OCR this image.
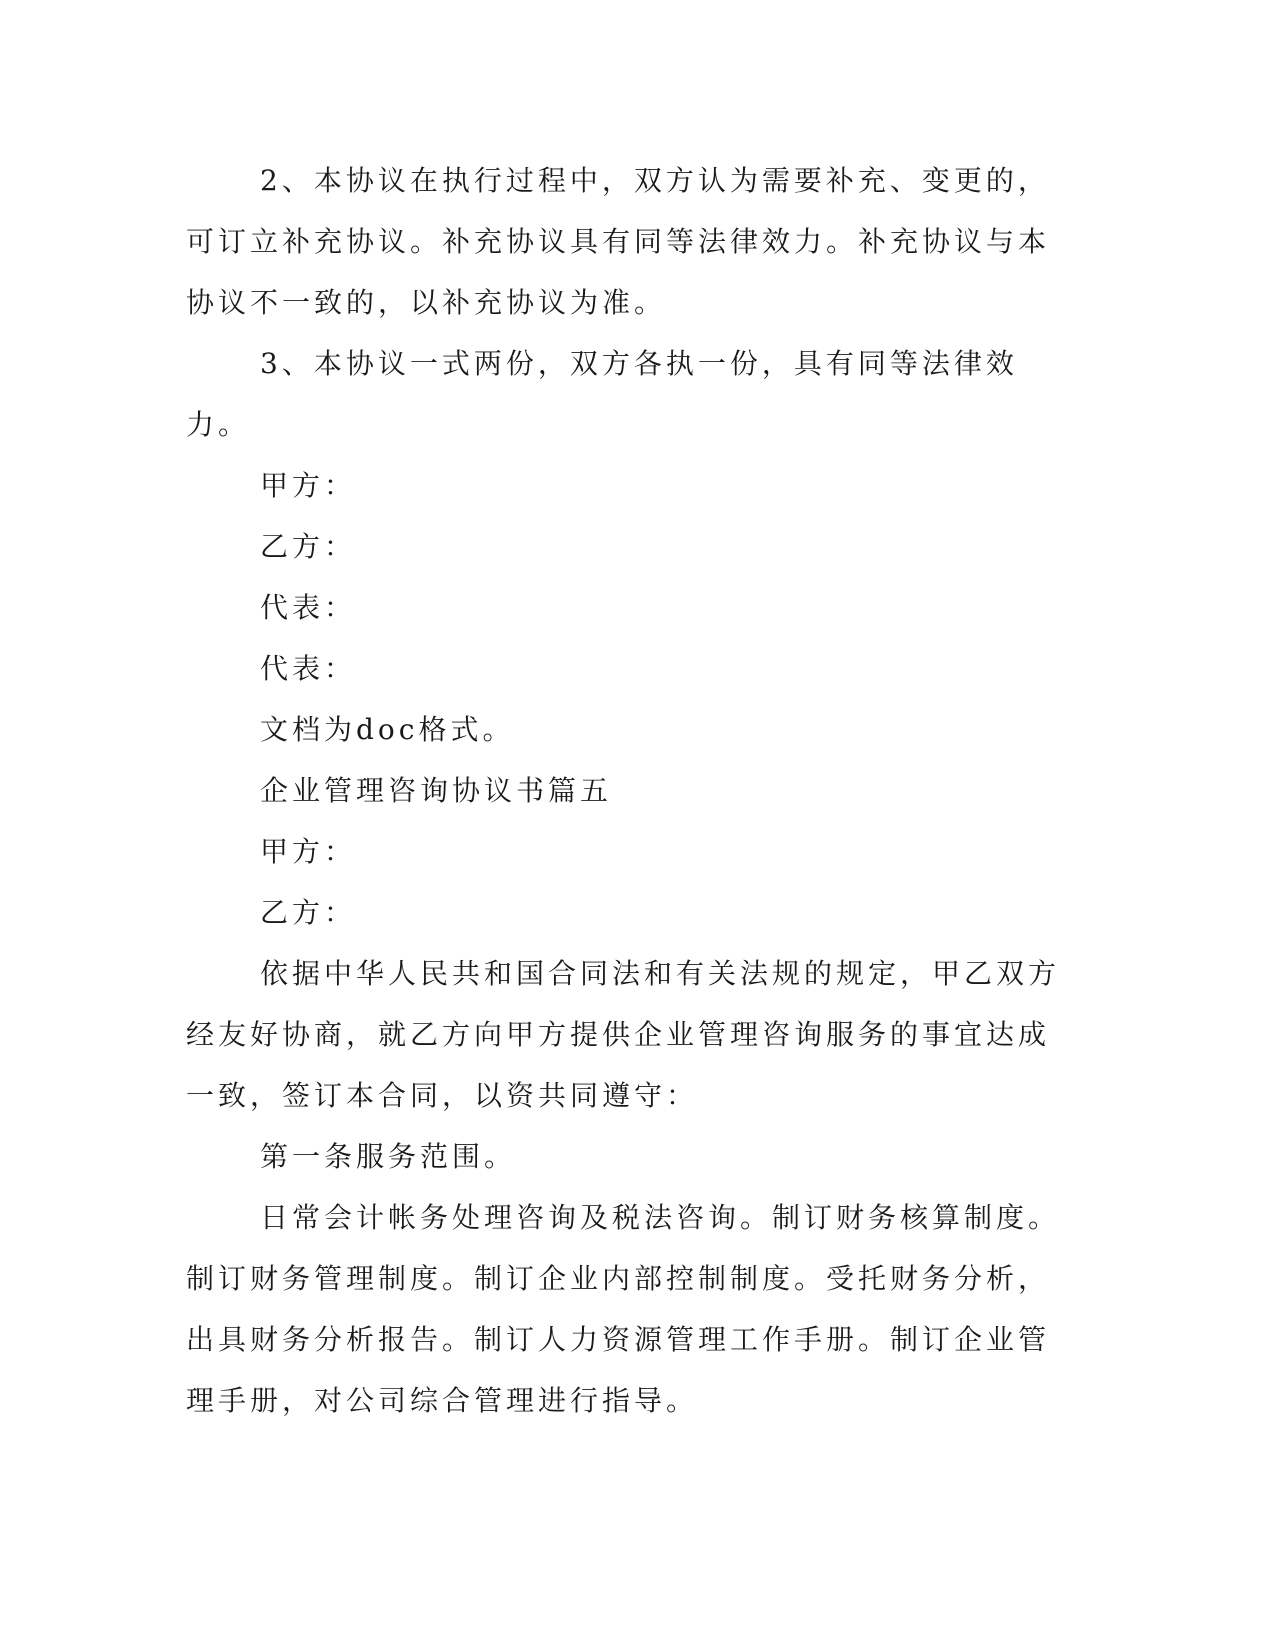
2、本协议在执行过程中，双方认为需要补充、变更的，可订立补充协议。补充协议具有同等法律效力。补充协议与本协议不一致的，以补充协议为准。

3、本协议一式两份，双方各执一份，具有同等法律效力。

甲方：

乙方：

代表：

代表：

文档为doc格式。

企业管理咨询协议书篇五

甲方：

乙方：

依据中华人民共和国合同法和有关法规的规定，甲乙双方经友好协商，就乙方向甲方提供企业管理咨询服务的事宜达成一致，签订本合同，以资共同遵守：

第一条服务范围。

日常会计帐务处理咨询及税法咨询。制订财务核算制度。制订财务管理制度。制订企业内部控制制度。受托财务分析，出具财务分析报告。制订人力资源管理工作手册。制订企业管理手册，对公司综合管理进行指导。
